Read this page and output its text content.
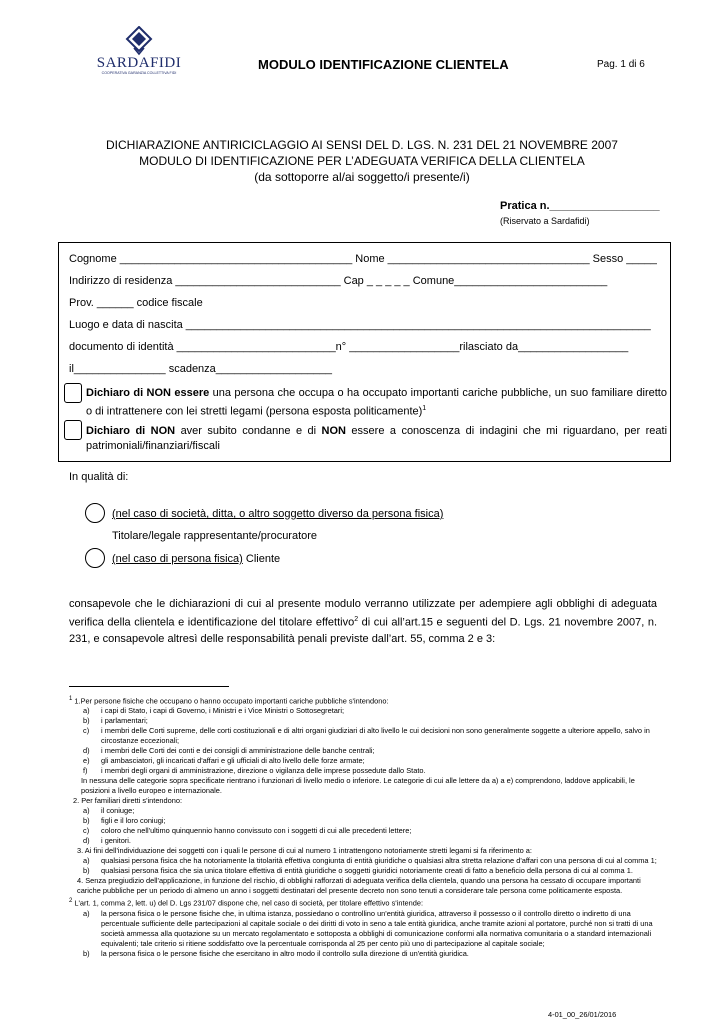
SARDAFIDI
COOPERATIVA GARANZIA COLLETTIVA FIDI
MODULO IDENTIFICAZIONE CLIENTELA	Pag. 1 di 6
DICHIARAZIONE ANTIRICICLAGGIO AI SENSI DEL D. LGS. N. 231 DEL 21 NOVEMBRE 2007
MODULO DI IDENTIFICAZIONE PER L’ADEGUATA VERIFICA DELLA CLIENTELA
(da sottoporre al/ai soggetto/i presente/i)
Pratica n.__________________
(Riservato a Sardafidi)
Cognome ______________________________________ Nome _________________________________ Sesso _____
Indirizzo di residenza ___________________________ Cap _ _ _ _ _ Comune_________________________
Prov. ______ codice fiscale
Luogo e data di nascita ____________________________________________________________________________
documento di identità __________________________n° __________________rilasciato da__________________
il_______________ scadenza___________________
Dichiaro di NON essere una persona che occupa o ha occupato importanti cariche pubbliche, un suo familiare diretto o di intrattenere con lei stretti legami (persona esposta politicamente)$^1$
Dichiaro di NON aver subito condanne e di NON essere a conoscenza di indagini che mi riguardano, per reati patrimoniali/finanziari/fiscali
In qualità di:
(nel caso di società, ditta, o altro soggetto diverso da persona fisica)
Titolare/legale rappresentante/procuratore
(nel caso di persona fisica) Cliente
consapevole che le dichiarazioni di cui al presente modulo verranno utilizzate per adempiere agli obblighi di adeguata verifica della clientela e identificazione del titolare effettivo$^2$ di cui all’art.15 e seguenti del D. Lgs. 21 novembre 2007, n. 231, e consapevole altresì delle responsabilità penali previste dall’art. 55, comma 2 e 3:
$^1$ 1.Per persone fisiche che occupano o hanno occupato importanti cariche pubbliche s'intendono:
a)	i capi di Stato, i capi di Governo, i Ministri e i Vice Ministri o Sottosegretari;
b)	i parlamentari;
c)	i membri delle Corti supreme, delle corti costituzionali e di altri organi giudiziari di alto livello le cui decisioni non sono generalmente soggette a ulteriore appello, salvo in circostanze eccezionali;
d)	i membri delle Corti dei conti e dei consigli di amministrazione delle banche centrali;
e)	gli ambasciatori, gli incaricati d'affari e gli ufficiali di alto livello delle forze armate;
f)	i membri degli organi di amministrazione, direzione o vigilanza delle imprese possedute dallo Stato.
In nessuna delle categorie sopra specificate rientrano i funzionari di livello medio o inferiore. Le categorie di cui alle lettere da a) a e) comprendono, laddove applicabili, le posizioni a livello europeo e internazionale.
2. Per familiari diretti s'intendono:
a)	il coniuge;
b)	figli e il loro coniugi;
c)	coloro che nell'ultimo quinquennio hanno convissuto con i soggetti di cui alle precedenti lettere;
d)	i genitori.
3. Ai fini dell'individuazione dei soggetti con i quali le persone di cui al numero 1 intrattengono notoriamente stretti legami si fa riferimento a:
a)	qualsiasi persona fisica che ha notoriamente la titolarità effettiva congiunta di entità giuridiche o qualsiasi altra stretta relazione d'affari con una persona di cui al comma 1;
b)	qualsiasi persona fisica che sia unica titolare effettiva di entità giuridiche o soggetti giuridici notoriamente creati di fatto a beneficio della persona di cui al comma 1.
4. Senza pregiudizio dell'applicazione, in funzione del rischio, di obblighi rafforzati di adeguata verifica della clientela, quando una persona ha cessato di occupare importanti cariche pubbliche per un periodo di almeno un anno i soggetti destinatari del presente decreto non sono tenuti a considerare tale persona come politicamente esposta.
$^2$ L'art. 1, comma 2, lett. u) del D. Lgs 231/07 dispone che, nel caso di società, per titolare effettivo s'intende:
a)	la persona fisica o le persone fisiche che, in ultima istanza, possiedano o controllino un'entità giuridica, attraverso il possesso o il controllo diretto o indiretto di una percentuale sufficiente delle partecipazioni al capitale sociale o dei diritti di voto in seno a tale entità giuridica, anche tramite azioni al portatore, purché non si tratti di una società ammessa alla quotazione su un mercato regolamentato e sottoposta a obblighi di comunicazione conformi alla normativa comunitaria o a standard internazionali equivalenti; tale criterio si ritiene soddisfatto ove la percentuale corrisponda al 25 per cento più uno di partecipazione al capitale sociale;
b)	la persona fisica o le persone fisiche che esercitano in altro modo il controllo sulla direzione di un'entità giuridica.
4-01_00_26/01/2016
